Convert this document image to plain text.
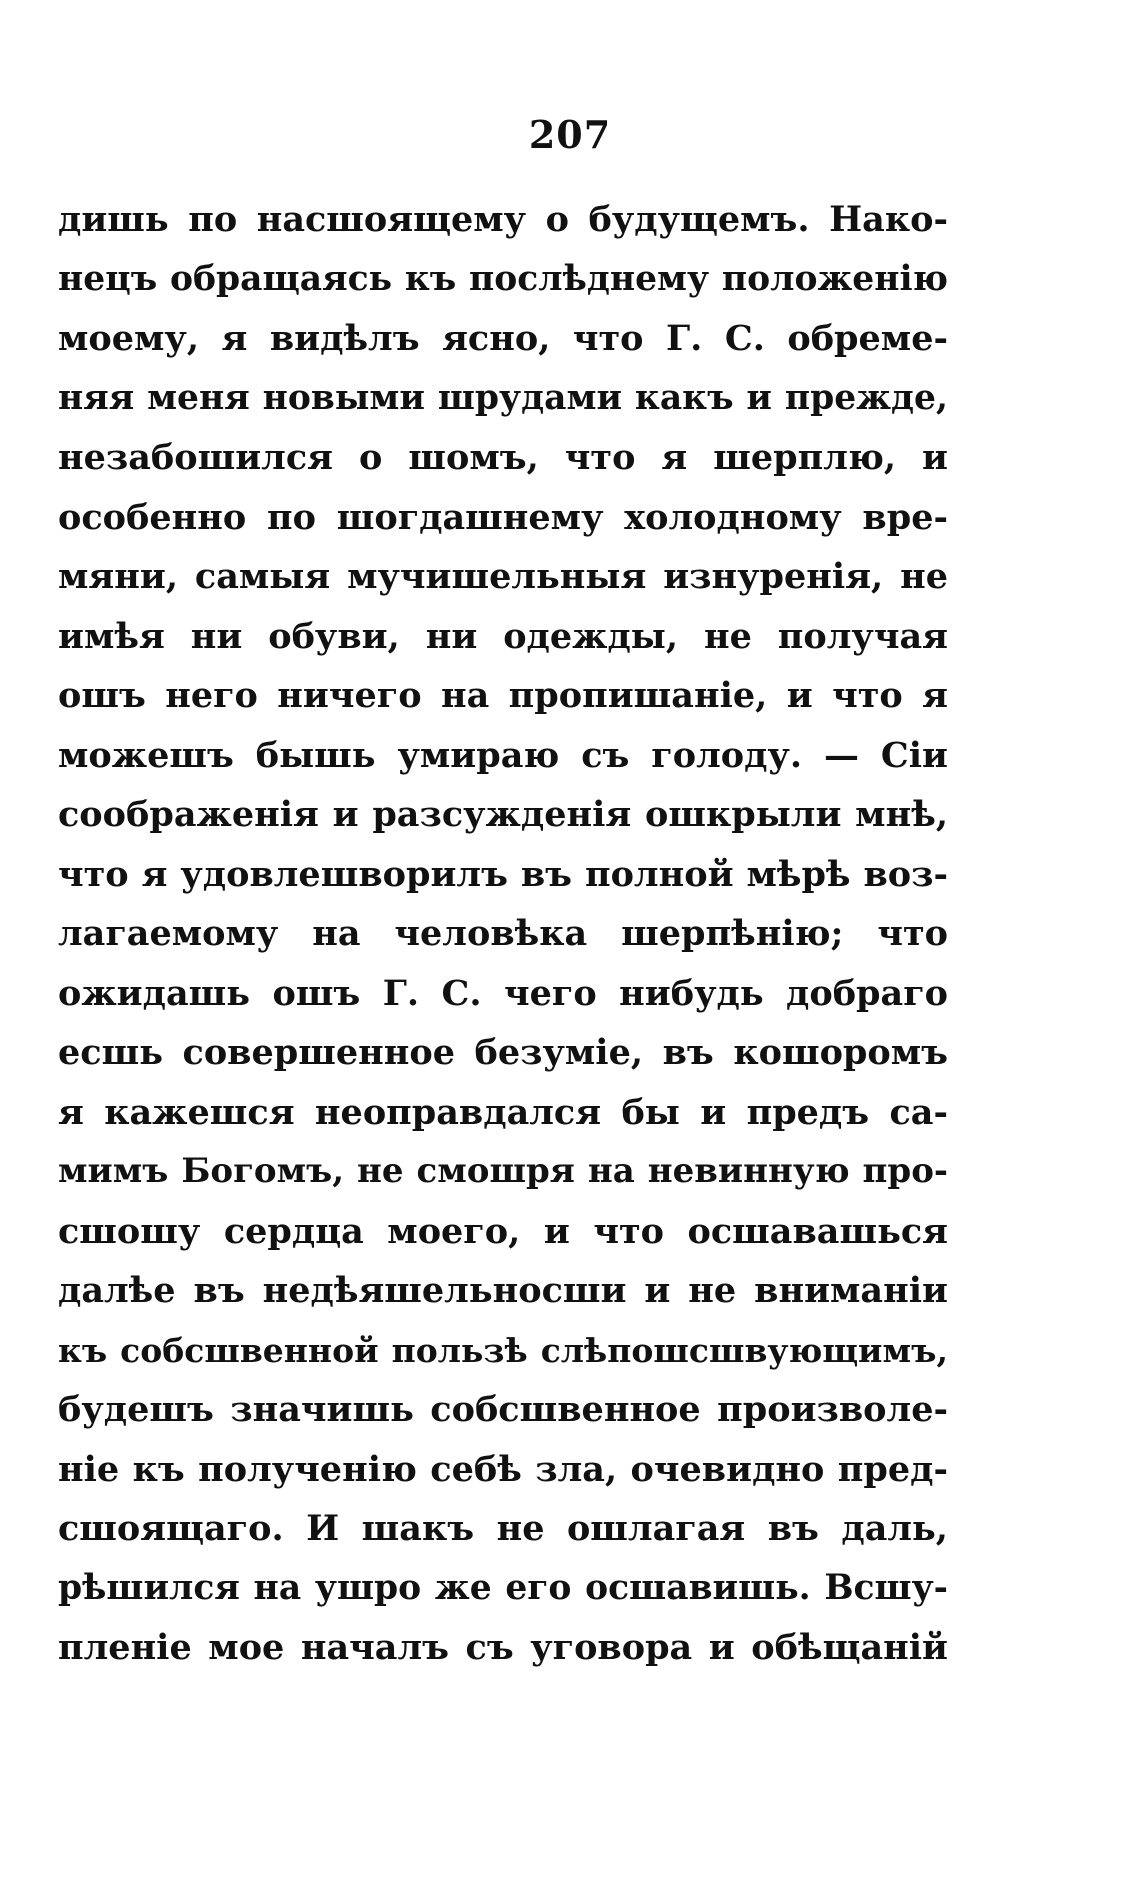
207
дишь по насшоящему о будущемъ. Нако-
нецъ обращаясь къ послѣднему положенію
моему, я видѣлъ ясно, что Г. С. обреме-
няя меня новыми шрудами какъ и прежде,
незабошился о шомъ, что я шерплю, и
особенно по шогдашнему холодному вре-
мяни, самыя мучишельныя изнуренія, не
имѣя ни обуви, ни одежды, не получая
ошъ него ничего на пропишаніе, и что я
можешъ бышь умираю съ голоду. — Сіи
соображенія и разсужденія ошкрыли мнѣ,
что я удовлешворилъ въ полной мѣрѣ воз-
лагаемому на человѣка шерпѣнію; что
ожидашь ошъ Г. С. чего нибудь добраго
есшь совершенное безуміе, въ кошоромъ
я кажешся неоправдался бы и предъ са-
мимъ Богомъ, не смошря на невинную про-
сшошу сердца моего, и что осшавашься
далѣе въ недѣяшельносши и не вниманіи
къ собсшвенной пользѣ слѣпошсшвующимъ,
будешъ значишь собсшвенное произволе-
ніе къ полученію себѣ зла, очевидно пред-
сшоящаго. И шакъ не ошлагая въ даль,
рѣшился на ушро же его осшавишь. Всшу-
пленіе мое началъ съ уговора и обѣщаній
